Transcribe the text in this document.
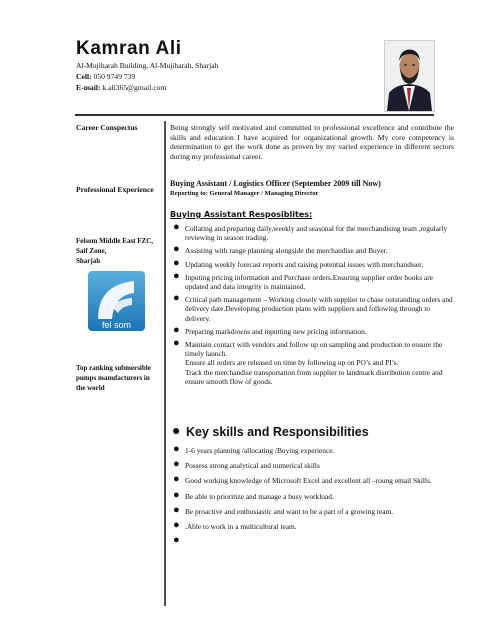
Kamran Ali
Al-Mujiharah Building, Al-Mujiharah, Sharjah
Cell: 050 9749 739
E-mail: k.ali365@gmail.com
Career Conspectus
Professional Experience
Felsom Middle East FZC,
Saif Zone,
Sharjah
fel som
Top ranking submersible
pumps manufacturers in
the world
Being strongly self motivated and committed to professional excellence and contribute the skills and education I have acquired for organizational growth. My core competency is determination to get the work done as proven by my varied experience in different sectors during my professional career.
Buying Assistant / Logistics Officer (September 2009 till Now)
Reporting to: General Manager / Managing Director
Buying Assistant Resposiblites:
● Collating and preparing daily,weekly and seasonal for the merchandising team ,regularly reviewing in season trading.
● Assisting with range planning alongside the merchandise and Buyer.
● Updating weekly forecast reports and raising potential issues with merchandiser.
● Inputing pricing information and Purchase orders.Ensuring supplier order books are updated and data integrity is maintained.
● Critical path management – Working closely with supplier to chase outstanding orders and delivery date.Developing production plans with suppliers and following through to delivery.
● Preparing markdowns and inputting new pricing information.
● Maintain contact with vendors and follow up on sampling and production to ensure the timely launch.
Ensure all orders are released on time by following up on PO’s and PI’s.
Track the merchandise transportation from supplier to landmark distribution centre and ensure smooth flow of goods.
● Key skills and Responsibilities
● 1-6 years planning /allocating /Buying experience.
● Possess strong analytical and numerical skills
● Good working knowledge of Microsoft Excel and excellent all –roung email Skills.
● Be able to prioritize and manage a busy workload.
● Be proactive and enthusiastic and want to be a part of a growing team.
● .Able to work in a multicultural team.
●
